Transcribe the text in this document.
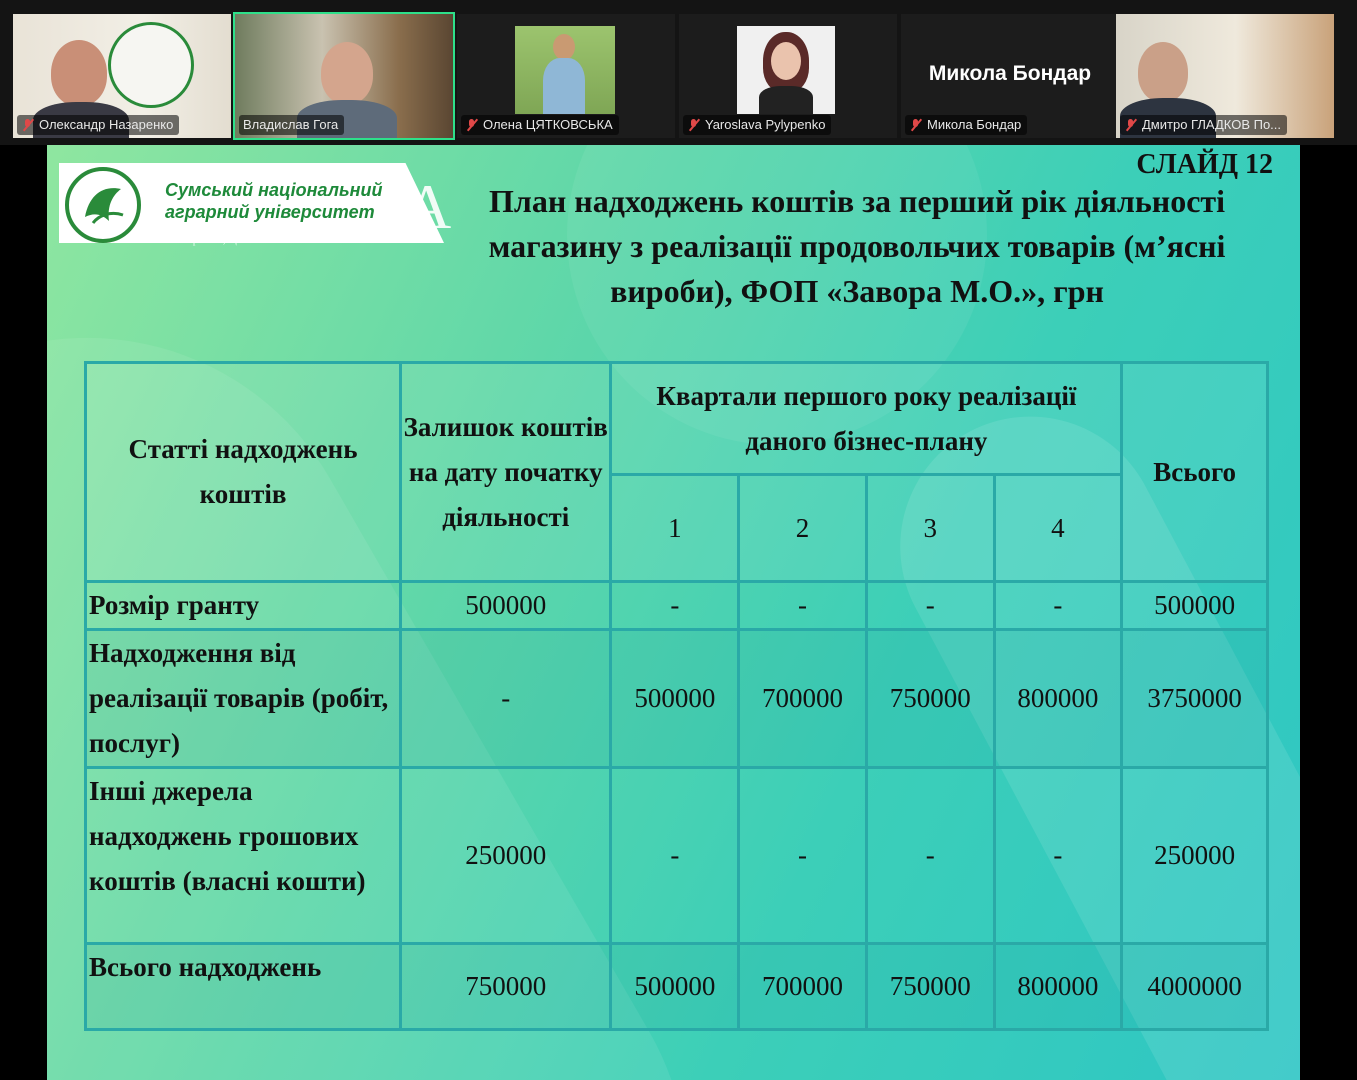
Олександр Назаренко	Владислав Гога	Олена ЦЯТКОВСЬКА	Yaroslava Pylypenko
Микола Бондар
Микола Бондар	Дмитро ГЛАДКОВ По...
Сумський національний
аграрний університет
Університет, що вивчає життя A
СЛАЙД 12
План надходжень коштів за перший рік діяльності магазину з реалізації продовольчих товарів (м’ясні вироби), ФОП «Завора М.О.», грн
Статті надходжень коштів	Залишок коштів на дату початку діяльності	Квартали першого року реалізації даного бізнес-плану				Всього
		1	2	3	4	
Розмір гранту	500000	-	-	-	-	500000
Надходження від реалізації товарів (робіт, послуг)	-	500000	700000	750000	800000	3750000
Інші джерела надходжень грошових коштів (власні кошти)	250000	-	-	-	-	250000
Всього надходжень	750000	500000	700000	750000	800000	4000000
